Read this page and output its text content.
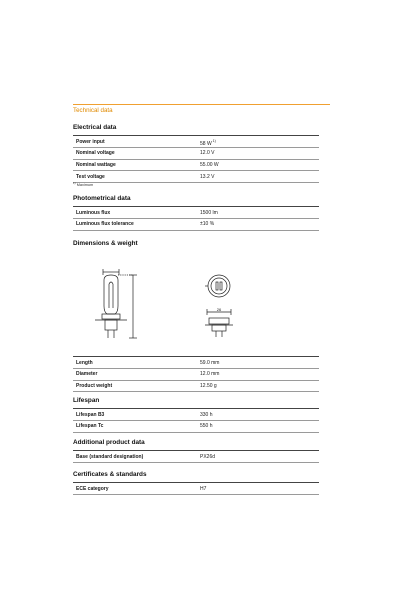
Technical data
Electrical data
Power input	58 $W^{1)}$
Nominal voltage	12.0 V
Nominal wattage	55.00 W
Test voltage	13.2 V
$^{1)}$ Maximum
Photometrical data
Luminous flux	1500 lm
Luminous flux tolerance	±10 %
Dimensions & weight
26
Length	59.0 mm
Diameter	12.0 mm
Product weight	12.50 g
Lifespan
Lifespan B3	330 h
Lifespan Tc	550 h
Additional product data
Base (standard designation)	PX26d
Certificates & standards
ECE category	H7
